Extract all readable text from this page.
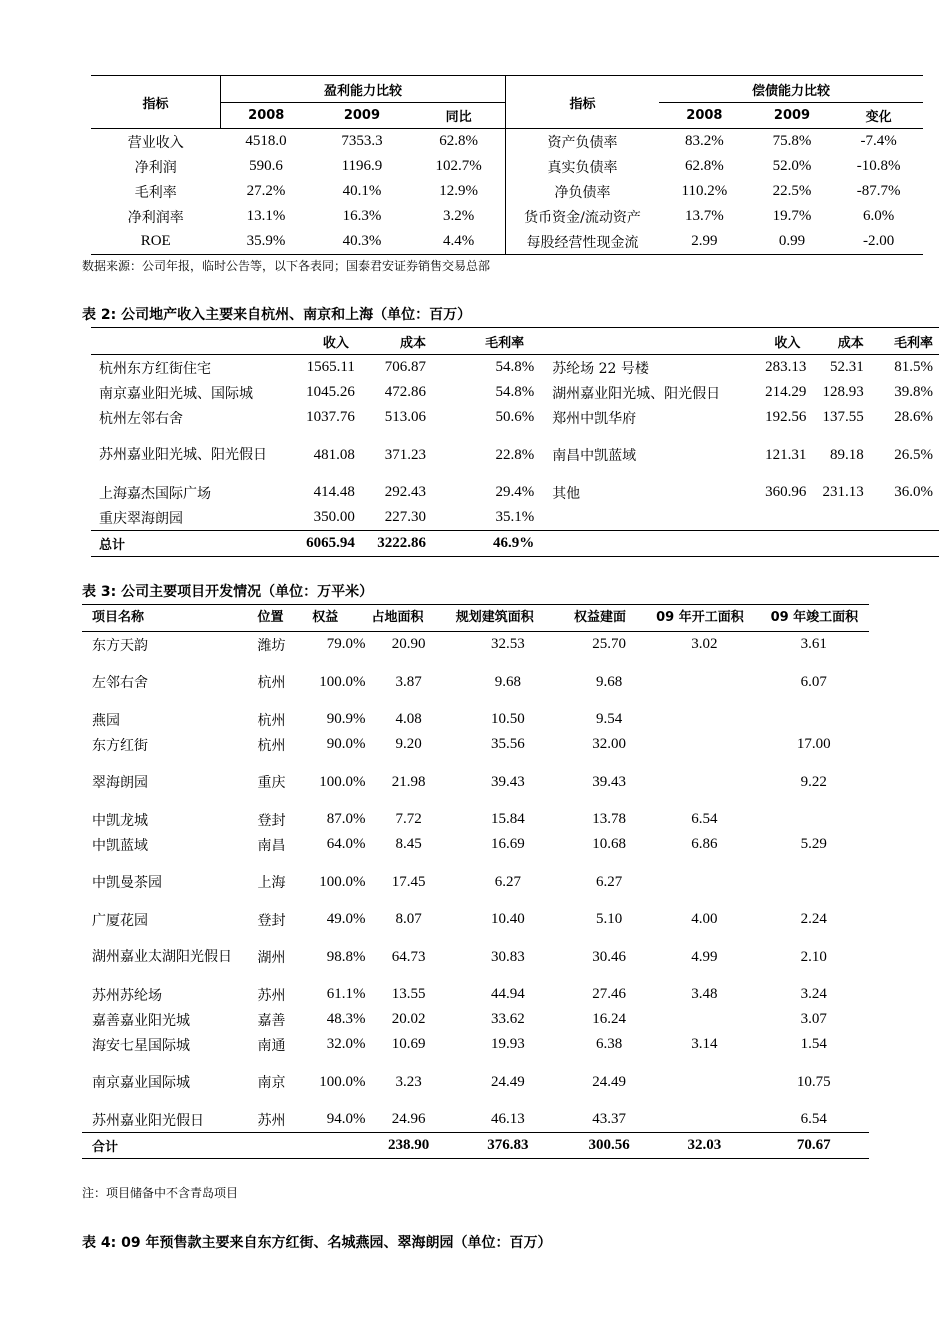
指标	盈利能力比较			指标	偿债能力比较		
	2008	2009	同比		2008	2009	变化
营业收入	4518.0	7353.3	62.8%	资产负债率	83.2%	75.8%	-7.4%
净利润	590.6	1196.9	102.7%	真实负债率	62.8%	52.0%	-10.8%
毛利率	27.2%	40.1%	12.9%	净负债率	110.2%	22.5%	-87.7%
净利润率	13.1%	16.3%	3.2%	货币资金/流动资产	13.7%	19.7%	6.0%
ROE	35.9%	40.3%	4.4%	每股经营性现金流	2.99	0.99	-2.00
数据来源：公司年报，临时公告等，以下各表同；国泰君安证券销售交易总部
表 2: 公司地产收入主要来自杭州、南京和上海（单位：百万）
	收入	成本	毛利率		收入	成本	毛利率
杭州东方红街住宅	1565.11	706.87	54.8%	苏纶场 22 号楼	283.13	52.31	81.5%
南京嘉业阳光城、国际城	1045.26	472.86	54.8%	湖州嘉业阳光城、阳光假日	214.29	128.93	39.8%
杭州左邻右舍	1037.76	513.06	50.6%	郑州中凯华府	192.56	137.55	28.6%
苏州嘉业阳光城、阳光假日	481.08	371.23	22.8%	南昌中凯蓝域	121.31	89.18	26.5%
上海嘉杰国际广场	414.48	292.43	29.4%	其他	360.96	231.13	36.0%
重庆翠海朗园	350.00	227.30	35.1%				
总计	6065.94	3222.86	46.9%				
表 3: 公司主要项目开发情况（单位：万平米）
项目名称	位置	权益	占地面积	规划建筑面积	权益建面	09 年开工面积	09 年竣工面积
东方天韵	潍坊	79.0%	20.90	32.53	25.70	3.02	3.61
左邻右舍	杭州	100.0%	3.87	9.68	9.68		6.07
燕园	杭州	90.9%	4.08	10.50	9.54		
东方红街	杭州	90.0%	9.20	35.56	32.00		17.00
翠海朗园	重庆	100.0%	21.98	39.43	39.43		9.22
中凯龙城	登封	87.0%	7.72	15.84	13.78	6.54	
中凯蓝域	南昌	64.0%	8.45	16.69	10.68	6.86	5.29
中凯曼茶园	上海	100.0%	17.45	6.27	6.27		
广厦花园	登封	49.0%	8.07	10.40	5.10	4.00	2.24
湖州嘉业太湖阳光假日	湖州	98.8%	64.73	30.83	30.46	4.99	2.10
苏州苏纶场	苏州	61.1%	13.55	44.94	27.46	3.48	3.24
嘉善嘉业阳光城	嘉善	48.3%	20.02	33.62	16.24		3.07
海安七星国际城	南通	32.0%	10.69	19.93	6.38	3.14	1.54
南京嘉业国际城	南京	100.0%	3.23	24.49	24.49		10.75
苏州嘉业阳光假日	苏州	94.0%	24.96	46.13	43.37		6.54
合计			238.90	376.83	300.56	32.03	70.67
注：项目储备中不含青岛项目
表 4: 09 年预售款主要来自东方红街、名城燕园、翠海朗园（单位：百万）
